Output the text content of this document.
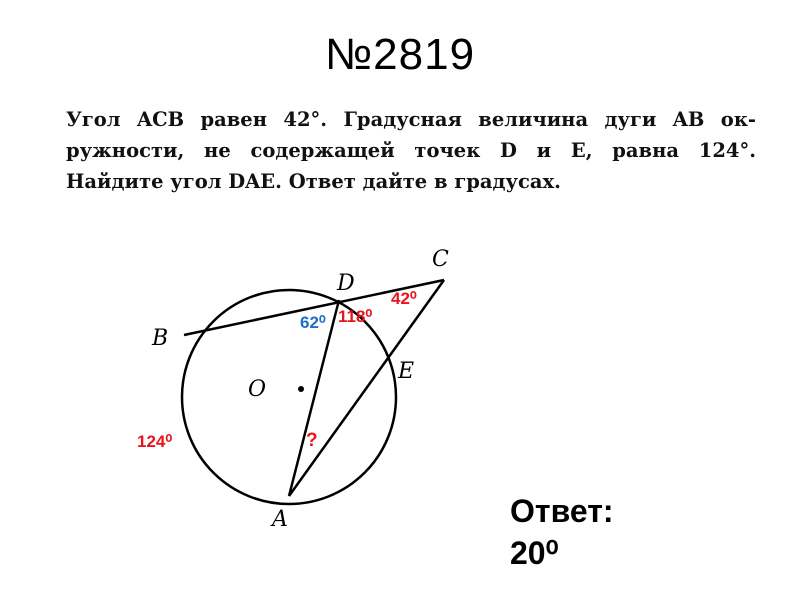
№2819
Угол ACB равен 42°. Градусная величина дуги AB ок-
ружности, не содержащей точек D и E, равна 124°.
Найдите угол DAE. Ответ дайте в градусах.
B
D
C
E
O
A
62⁰ 118⁰
42⁰
124⁰	?
Ответ:
20⁰
